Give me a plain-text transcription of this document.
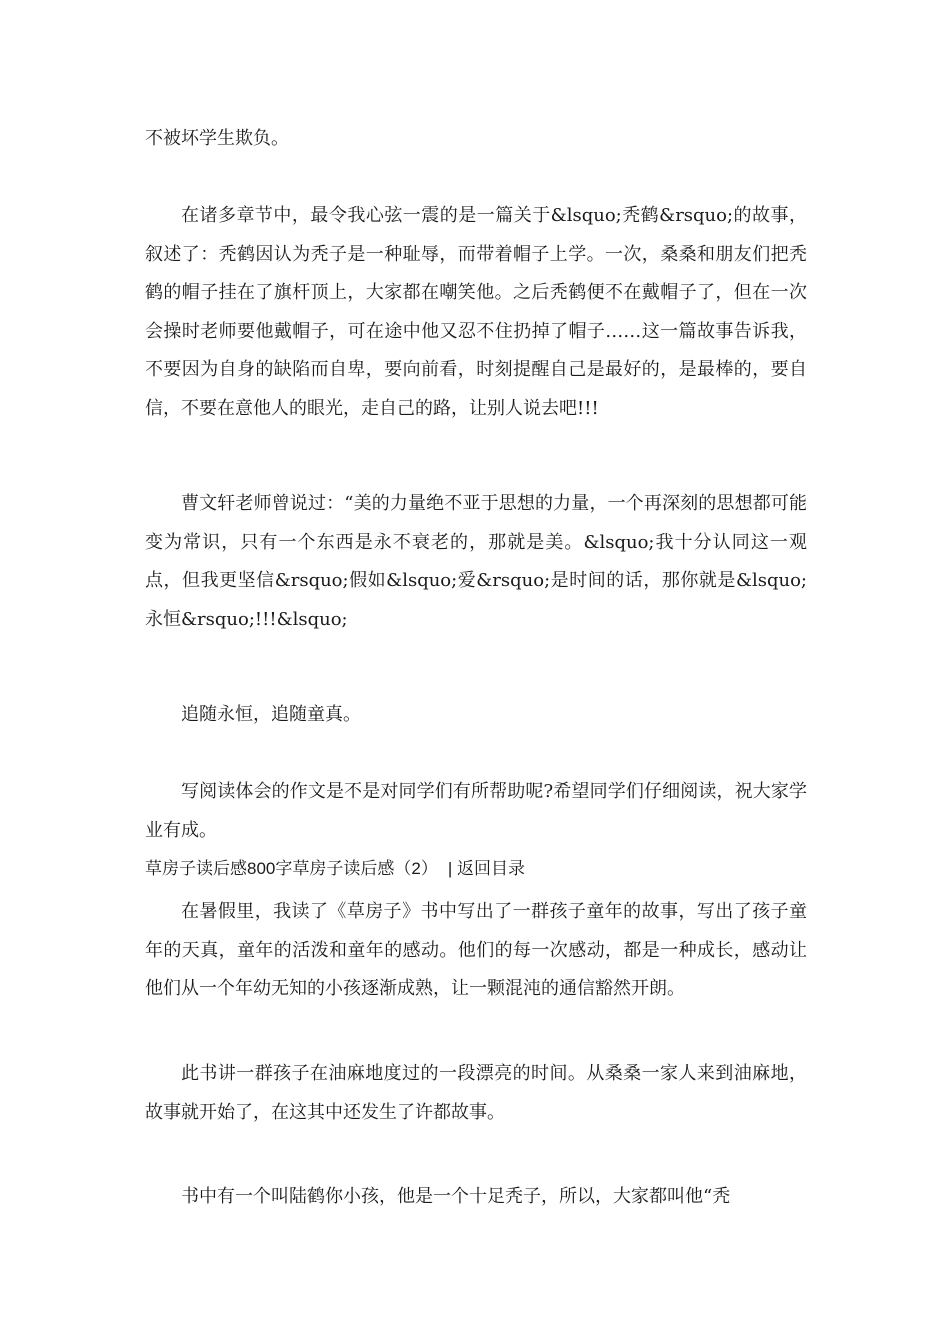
不被坏学生欺负。

在诸多章节中，最令我心弦一震的是一篇关于&lsquo;秃鹤&rsquo;的故事，叙述了：秃鹤因认为秃子是一种耻辱，而带着帽子上学。一次，桑桑和朋友们把秃鹤的帽子挂在了旗杆顶上，大家都在嘲笑他。之后秃鹤便不在戴帽子了，但在一次会操时老师要他戴帽子，可在途中他又忍不住扔掉了帽子……这一篇故事告诉我，不要因为自身的缺陷而自卑，要向前看，时刻提醒自己是最好的，是最棒的，要自信，不要在意他人的眼光，走自己的路，让别人说去吧!!!

曹文轩老师曾说过：“美的力量绝不亚于思想的力量，一个再深刻的思想都可能变为常识，只有一个东西是永不衰老的，那就是美。&lsquo;我十分认同这一观点，但我更坚信&rsquo;假如&lsquo;爱&rsquo;是时间的话，那你就是&lsquo;永恒&rsquo;!!!&lsquo;

追随永恒，追随童真。

写阅读体会的作文是不是对同学们有所帮助呢?希望同学们仔细阅读，祝大家学业有成。

草房子读后感800字草房子读后感（2） | 返回目录

在暑假里，我读了《草房子》书中写出了一群孩子童年的故事，写出了孩子童年的天真，童年的活泼和童年的感动。他们的每一次感动，都是一种成长，感动让他们从一个年幼无知的小孩逐渐成熟，让一颗混沌的通信豁然开朗。

此书讲一群孩子在油麻地度过的一段漂亮的时间。从桑桑一家人来到油麻地，故事就开始了，在这其中还发生了许都故事。

书中有一个叫陆鹤你小孩，他是一个十足秃子，所以，大家都叫他“秃
